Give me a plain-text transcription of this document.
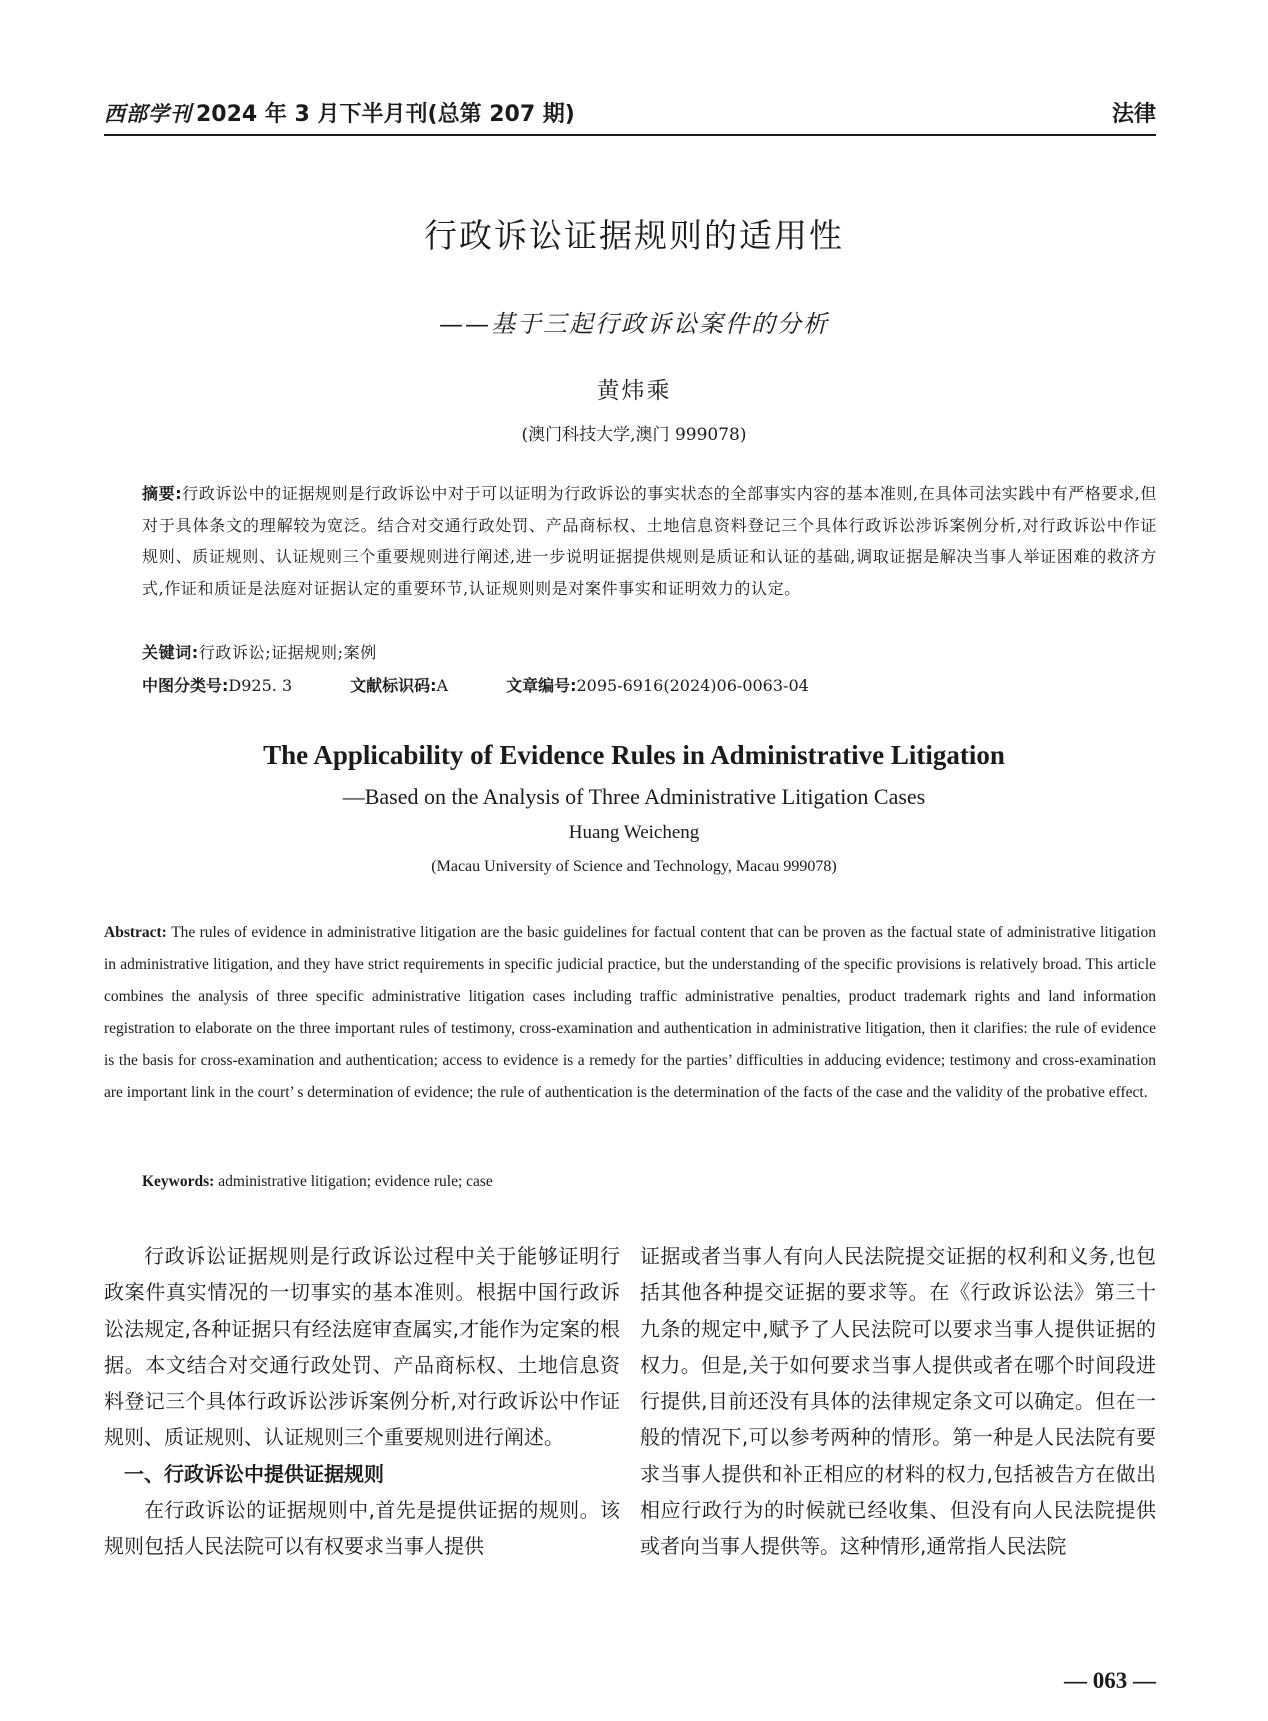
西部学刊 2024 年 3 月下半月刊(总第 207 期)	法律
行政诉讼证据规则的适用性
——基于三起行政诉讼案件的分析
黄炜乘
(澳门科技大学,澳门 999078)
摘要:行政诉讼中的证据规则是行政诉讼中对于可以证明为行政诉讼的事实状态的全部事实内容的基本准则,在具体司法实践中有严格要求,但对于具体条文的理解较为宽泛。结合对交通行政处罚、产品商标权、土地信息资料登记三个具体行政诉讼涉诉案例分析,对行政诉讼中作证规则、质证规则、认证规则三个重要规则进行阐述,进一步说明证据提供规则是质证和认证的基础,调取证据是解决当事人举证困难的救济方式,作证和质证是法庭对证据认定的重要环节,认证规则则是对案件事实和证明效力的认定。
关键词:行政诉讼;证据规则;案例
中图分类号:D925. 3	文献标识码:A	文章编号:2095-6916(2024)06-0063-04
The Applicability of Evidence Rules in Administrative Litigation
—Based on the Analysis of Three Administrative Litigation Cases
Huang Weicheng
(Macau University of Science and Technology, Macau 999078)
Abstract: The rules of evidence in administrative litigation are the basic guidelines for factual content that can be proven as the factual state of administrative litigation in administrative litigation, and they have strict requirements in specific judicial practice, but the understanding of the specific provisions is relatively broad. This article combines the analysis of three specific administrative litigation cases including traffic administrative penalties, product trademark rights and land information registration to elaborate on the three important rules of testimony, cross-examination and authentication in administrative litigation, then it clarifies: the rule of evidence is the basis for cross-examination and authentication; access to evidence is a remedy for the parties’ difficulties in adducing evidence; testimony and cross-examination are important link in the court’ s determination of evidence; the rule of authentication is the determination of the facts of the case and the validity of the probative effect.
Keywords: administrative litigation; evidence rule; case

行政诉讼证据规则是行政诉讼过程中关于能够证明行政案件真实情况的一切事实的基本准则。根据中国行政诉讼法规定,各种证据只有经法庭审查属实,才能作为定案的根据。本文结合对交通行政处罚、产品商标权、土地信息资料登记三个具体行政诉讼涉诉案例分析,对行政诉讼中作证规则、质证规则、认证规则三个重要规则进行阐述。

一、行政诉讼中提供证据规则

在行政诉讼的证据规则中,首先是提供证据的规则。该规则包括人民法院可以有权要求当事人提供

证据或者当事人有向人民法院提交证据的权利和义务,也包括其他各种提交证据的要求等。在《行政诉讼法》第三十九条的规定中,赋予了人民法院可以要求当事人提供证据的权力。但是,关于如何要求当事人提供或者在哪个时间段进行提供,目前还没有具体的法律规定条文可以确定。但在一般的情况下,可以参考两种的情形。第一种是人民法院有要求当事人提供和补正相应的材料的权力,包括被告方在做出相应行政行为的时候就已经收集、但没有向人民法院提供或者向当事人提供等。这种情形,通常指人民法院

— 063 —
